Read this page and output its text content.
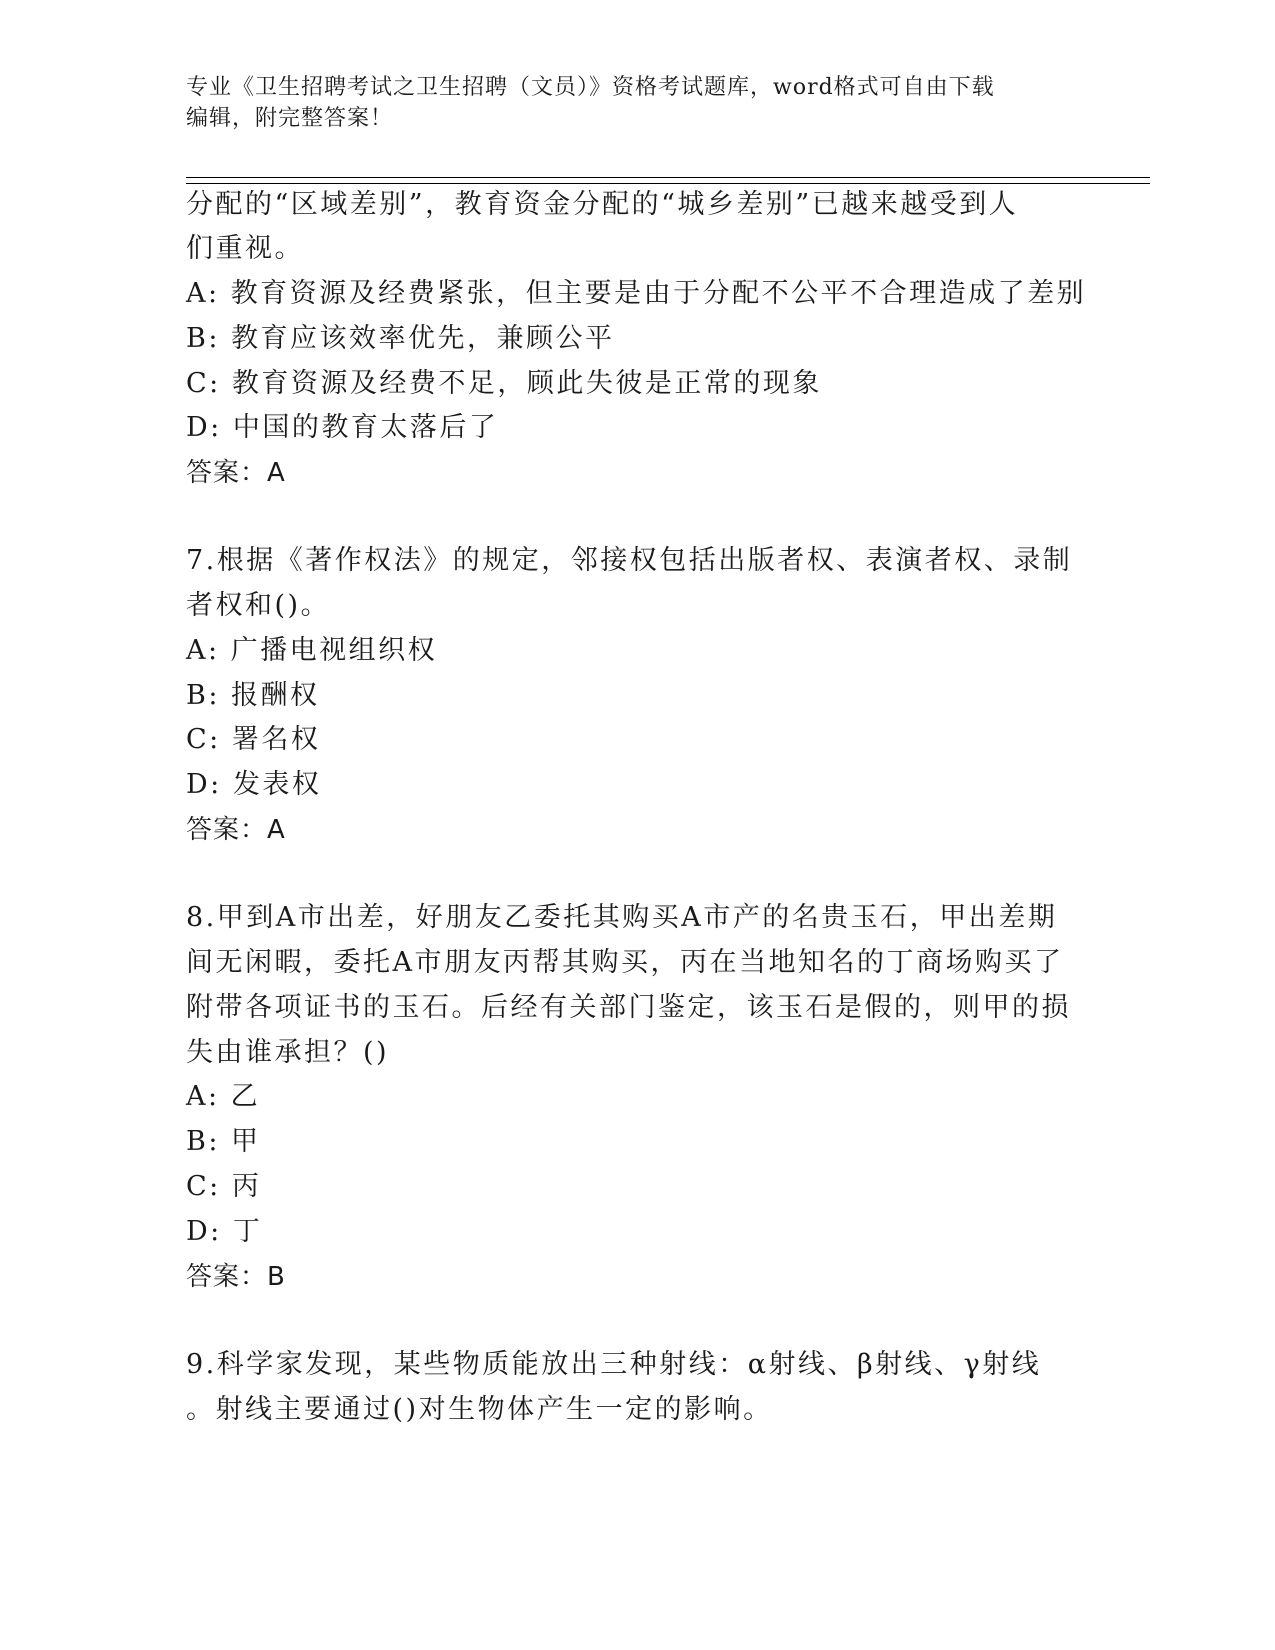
专业《卫生招聘考试之卫生招聘（文员）》资格考试题库，word格式可自由下载
编辑，附完整答案！
分配的“区域差别”，教育资金分配的“城乡差别”已越来越受到人
们重视。
A: 教育资源及经费紧张，但主要是由于分配不公平不合理造成了差别
B: 教育应该效率优先，兼顾公平
C: 教育资源及经费不足，顾此失彼是正常的现象
D: 中国的教育太落后了
答案：A
7.根据《著作权法》的规定，邻接权包括出版者权、表演者权、录制
者权和()。
A: 广播电视组织权
B: 报酬权
C: 署名权
D: 发表权
答案：A
8.甲到A市出差，好朋友乙委托其购买A市产的名贵玉石，甲出差期
间无闲暇，委托A市朋友丙帮其购买，丙在当地知名的丁商场购买了
附带各项证书的玉石。后经有关部门鉴定，该玉石是假的，则甲的损
失由谁承担？()
A: 乙
B: 甲
C: 丙
D: 丁
答案：B
9.科学家发现，某些物质能放出三种射线：α射线、β射线、γ射线
。射线主要通过()对生物体产生一定的影响。
